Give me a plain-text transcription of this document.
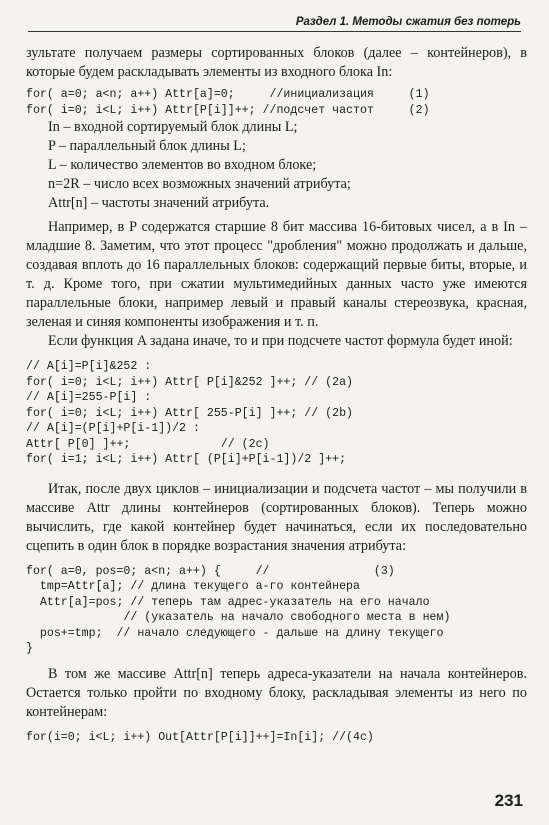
Раздел 1. Методы сжатия без потерь

зультате получаем размеры сортированных блоков (далее – контейнеров), в которые будем раскладывать элементы из входного блока In:

for( a=0; a<n; a++) Attr[a]=0;     //инициализация     (1)
for( i=0; i<L; i++) Attr[P[i]]++; //подсчет частот     (2)
In – входной сортируемый блок длины L;
P – параллельный блок длины L;
L – количество элементов во входном блоке;
n=2R – число всех возможных значений атрибута;
Attr[n] – частоты значений атрибута.

Например, в P содержатся старшие 8 бит массива 16-битовых чисел, а в In – младшие 8. Заметим, что этот процесс "дробления" можно продолжать и дальше, создавая вплоть до 16 параллельных блоков: содержащий первые биты, вторые, и т. д. Кроме того, при сжатии мультимедийных данных часто уже имеются параллельные блоки, например левый и правый каналы стереозвука, красная, зеленая и синяя компоненты изображения и т. п.

Если функция A задана иначе, то и при подсчете частот формула будет иной:

// A[i]=P[i]&252 :
for( i=0; i<L; i++) Attr[ P[i]&252 ]++; // (2a)
// A[i]=255-P[i] :
for( i=0; i<L; i++) Attr[ 255-P[i] ]++; // (2b)
// A[i]=(P[i]+P[i-1])/2 :
Attr[ P[0] ]++;             // (2c)
for( i=1; i<L; i++) Attr[ (P[i]+P[i-1])/2 ]++;

Итак, после двух циклов – инициализации и подсчета частот – мы получили в массиве Attr длины контейнеров (сортированных блоков). Теперь можно вычислить, где какой контейнер будет начинаться, если их последовательно сцепить в один блок в порядке возрастания значения атрибута:

for( a=0, pos=0; a<n; a++) {     //               (3)
tmp=Attr[a]; // длина текущего a-го контейнера
Attr[a]=pos; // теперь там адрес-указатель на его начало
// (указатель на начало свободного места в нем)
pos+=tmp;  // начало следующего - дальше на длину текущего
}

В том же массиве Attr[n] теперь адреса-указатели на начала контейнеров. Остается только пройти по входному блоку, раскладывая элементы из него по контейнерам:

for(i=0; i<L; i++) Out[Attr[P[i]]++]=In[i]; //(4c)
231
